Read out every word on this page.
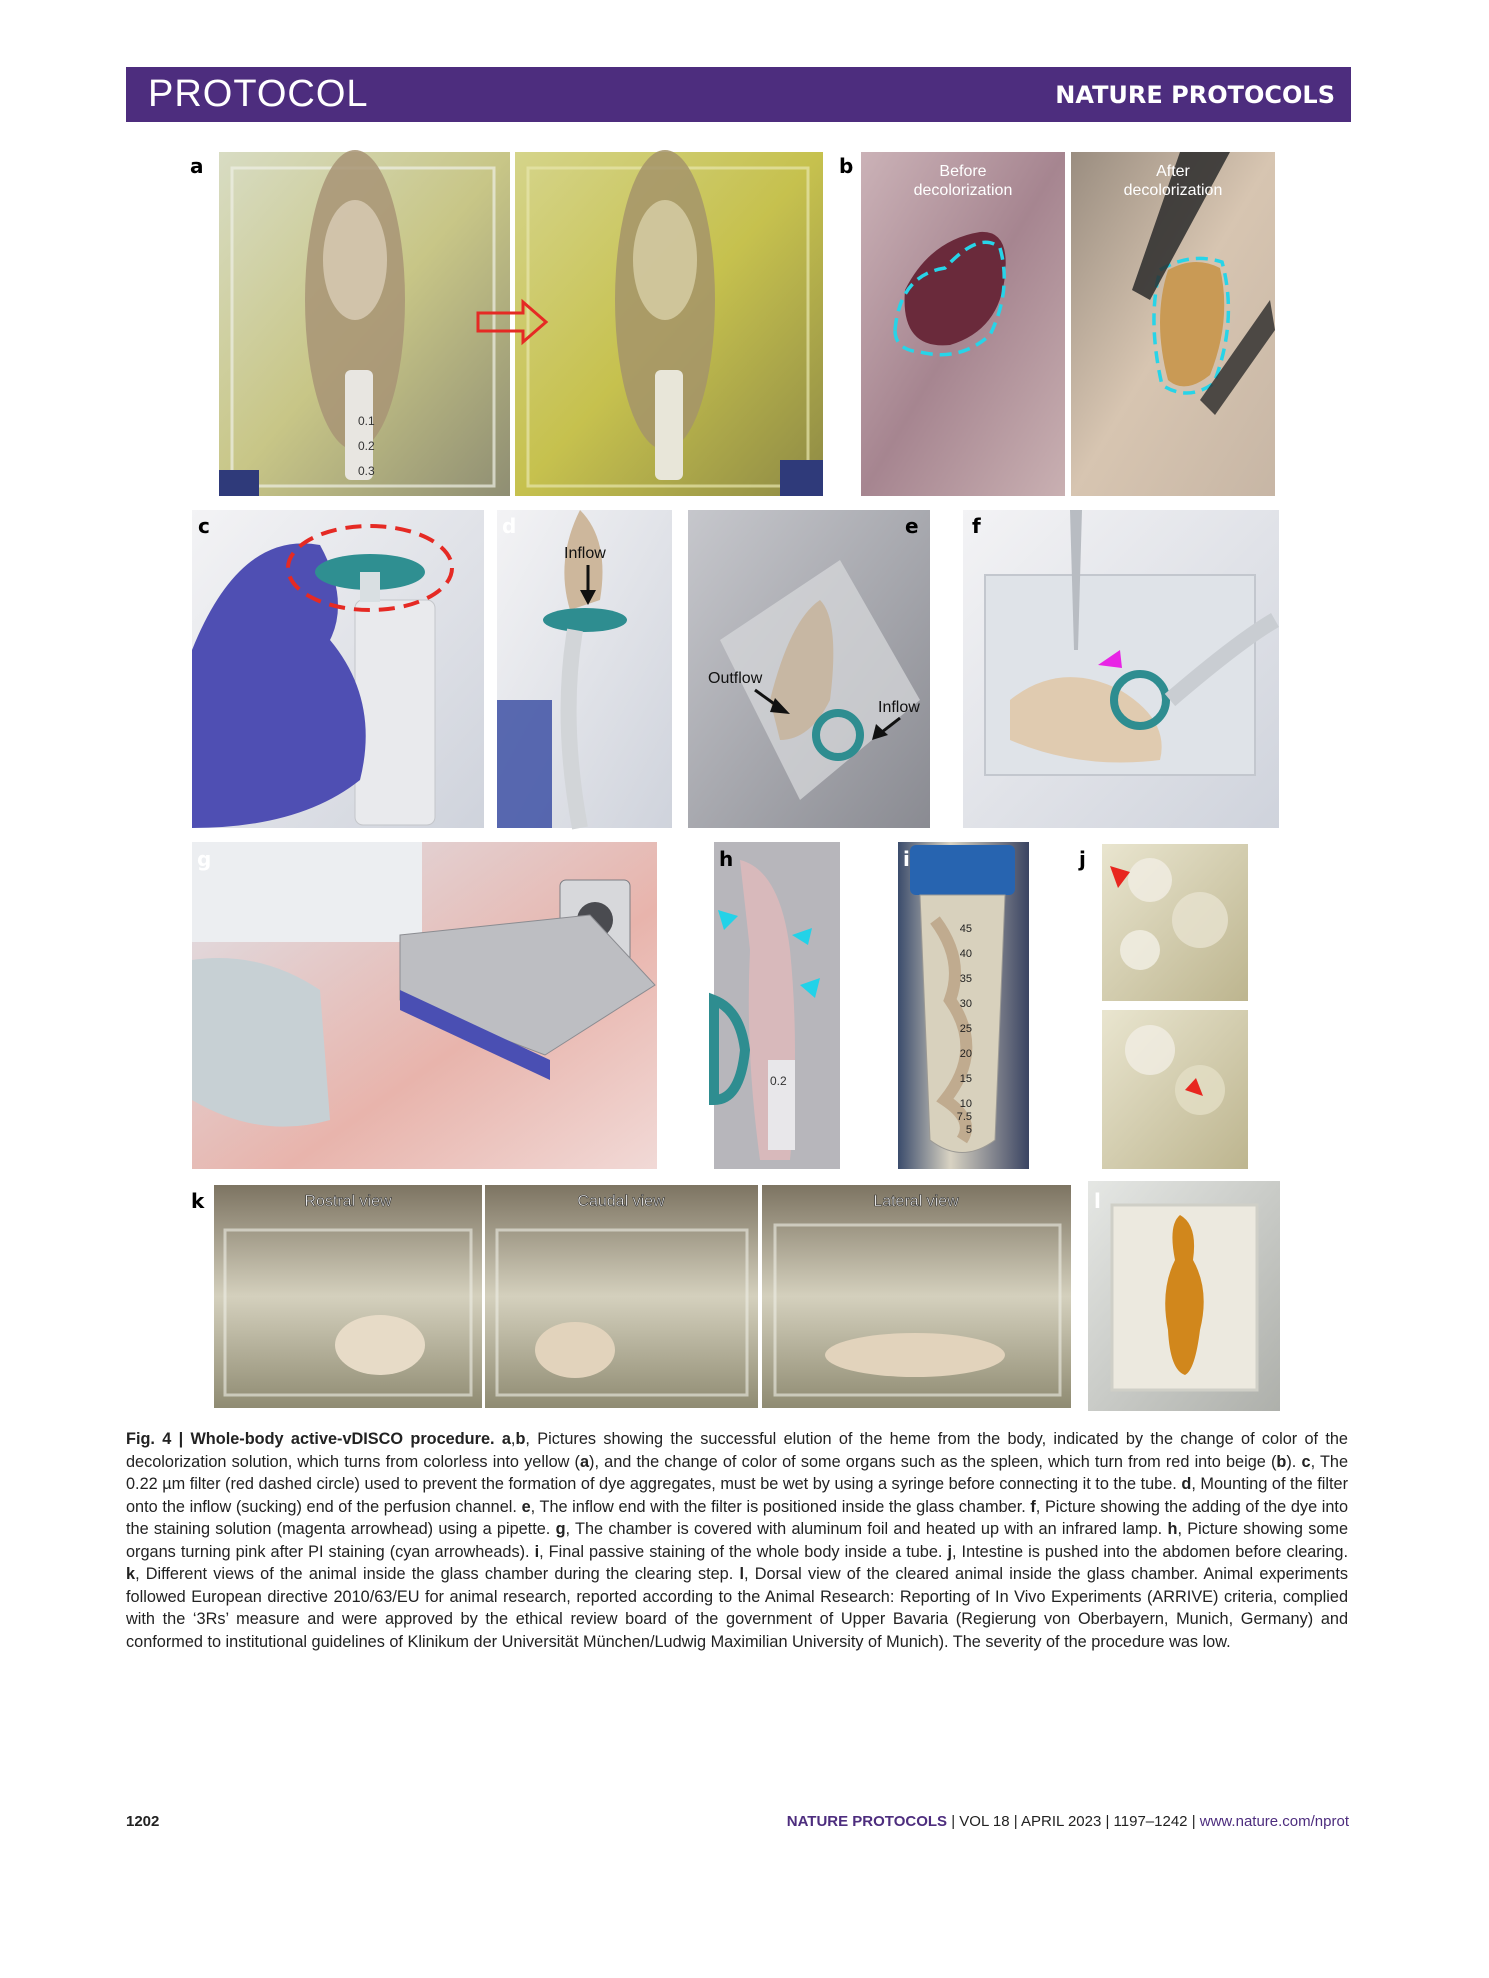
PROTOCOL	NATURE PROTOCOLS
a
0.1
0.2
0.3
b	Before
decolorization
After
decolorization
c	d
Inflow
e
Outflow
Inflow
f
g
0.2
h	i
45
40
35
30
25
20
15
10
7.5
5
j
k	Rostral view	Caudal view	Lateral view	l
Fig. 4 | Whole-body active-vDISCO procedure. a,b, Pictures showing the successful elution of the heme from the body, indicated by the change of color of the decolorization solution, which turns from colorless into yellow (a), and the change of color of some organs such as the spleen, which turn from red into beige (b). c, The 0.22 µm filter (red dashed circle) used to prevent the formation of dye aggregates, must be wet by using a syringe before connecting it to the tube. d, Mounting of the filter onto the inflow (sucking) end of the perfusion channel. e, The inflow end with the filter is positioned inside the glass chamber. f, Picture showing the adding of the dye into the staining solution (magenta arrowhead) using a pipette. g, The chamber is covered with aluminum foil and heated up with an infrared lamp. h, Picture showing some organs turning pink after PI staining (cyan arrowheads). i, Final passive staining of the whole body inside a tube. j, Intestine is pushed into the abdomen before clearing. k, Different views of the animal inside the glass chamber during the clearing step. l, Dorsal view of the cleared animal inside the glass chamber. Animal experiments followed European directive 2010/63/EU for animal research, reported according to the Animal Research: Reporting of In Vivo Experiments (ARRIVE) criteria, complied with the ‘3Rs’ measure and were approved by the ethical review board of the government of Upper Bavaria (Regierung von Oberbayern, Munich, Germany) and conformed to institutional guidelines of Klinikum der Universität München/Ludwig Maximilian University of Munich). The severity of the procedure was low.
1202	NATURE PROTOCOLS | VOL 18 | APRIL 2023 | 1197–1242 | www.nature.com/nprot
